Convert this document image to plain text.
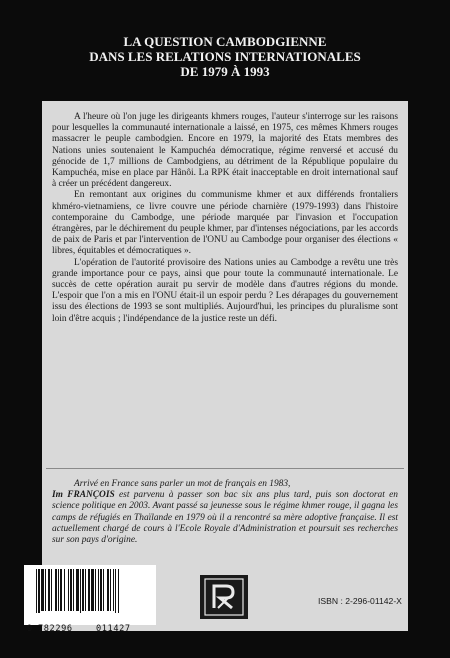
LA QUESTION CAMBODGIENNE
DANS LES RELATIONS INTERNATIONALES
DE 1979 À 1993

A l'heure où l'on juge les dirigeants khmers rouges, l'auteur s'interroge sur les raisons pour lesquelles la communauté internationale a laissé, en 1975, ces mêmes Khmers rouges massacrer le peuple cambodgien. Encore en 1979, la majorité des Etats membres des Nations unies soutenaient le Kampuchéa démocratique, régime renversé et accusé du génocide de 1,7 millions de Cambodgiens, au détriment de la République populaire du Kampuchéa, mise en place par Hânôi. La RPK était inacceptable en droit international sauf à créer un précédent dangereux.

En remontant aux origines du communisme khmer et aux différends frontaliers khméro-vietnamiens, ce livre couvre une période charnière (1979-1993) dans l'histoire contemporaine du Cambodge, une période marquée par l'invasion et l'occupation étrangères, par le déchirement du peuple khmer, par d'intenses négociations, par les accords de paix de Paris et par l'intervention de l'ONU au Cambodge pour organiser des élections « libres, équitables et démocratiques ».

L'opération de l'autorité provisoire des Nations unies au Cambodge a revêtu une très grande importance pour ce pays, ainsi que pour toute la communauté internationale. Le succès de cette opération aurait pu servir de modèle dans d'autres régions du monde. L'espoir que l'on a mis en l'ONU était-il un espoir perdu ? Les dérapages du gouvernement issu des élections de 1993 se sont multipliés. Aujourd'hui, les principes du pluralisme sont loin d'être acquis ; l'indépendance de la justice reste un défi.

Arrivé en France sans parler un mot de français en 1983,
Im FRANÇOIS est parvenu à passer son bac six ans plus tard, puis son doctorat en science politique en 2003. Avant passé sa jeunesse sous le régime khmer rouge, il gagna les camps de réfugiés en Thaïlande en 1979 où il a rencontré sa mère adoptive française. Il est actuellement chargé de cours à l'Ecole Royale d'Administration et poursuit ses recherches sur son pays d'origine.

9 782296	011427
ISBN : 2-296-01142-X
